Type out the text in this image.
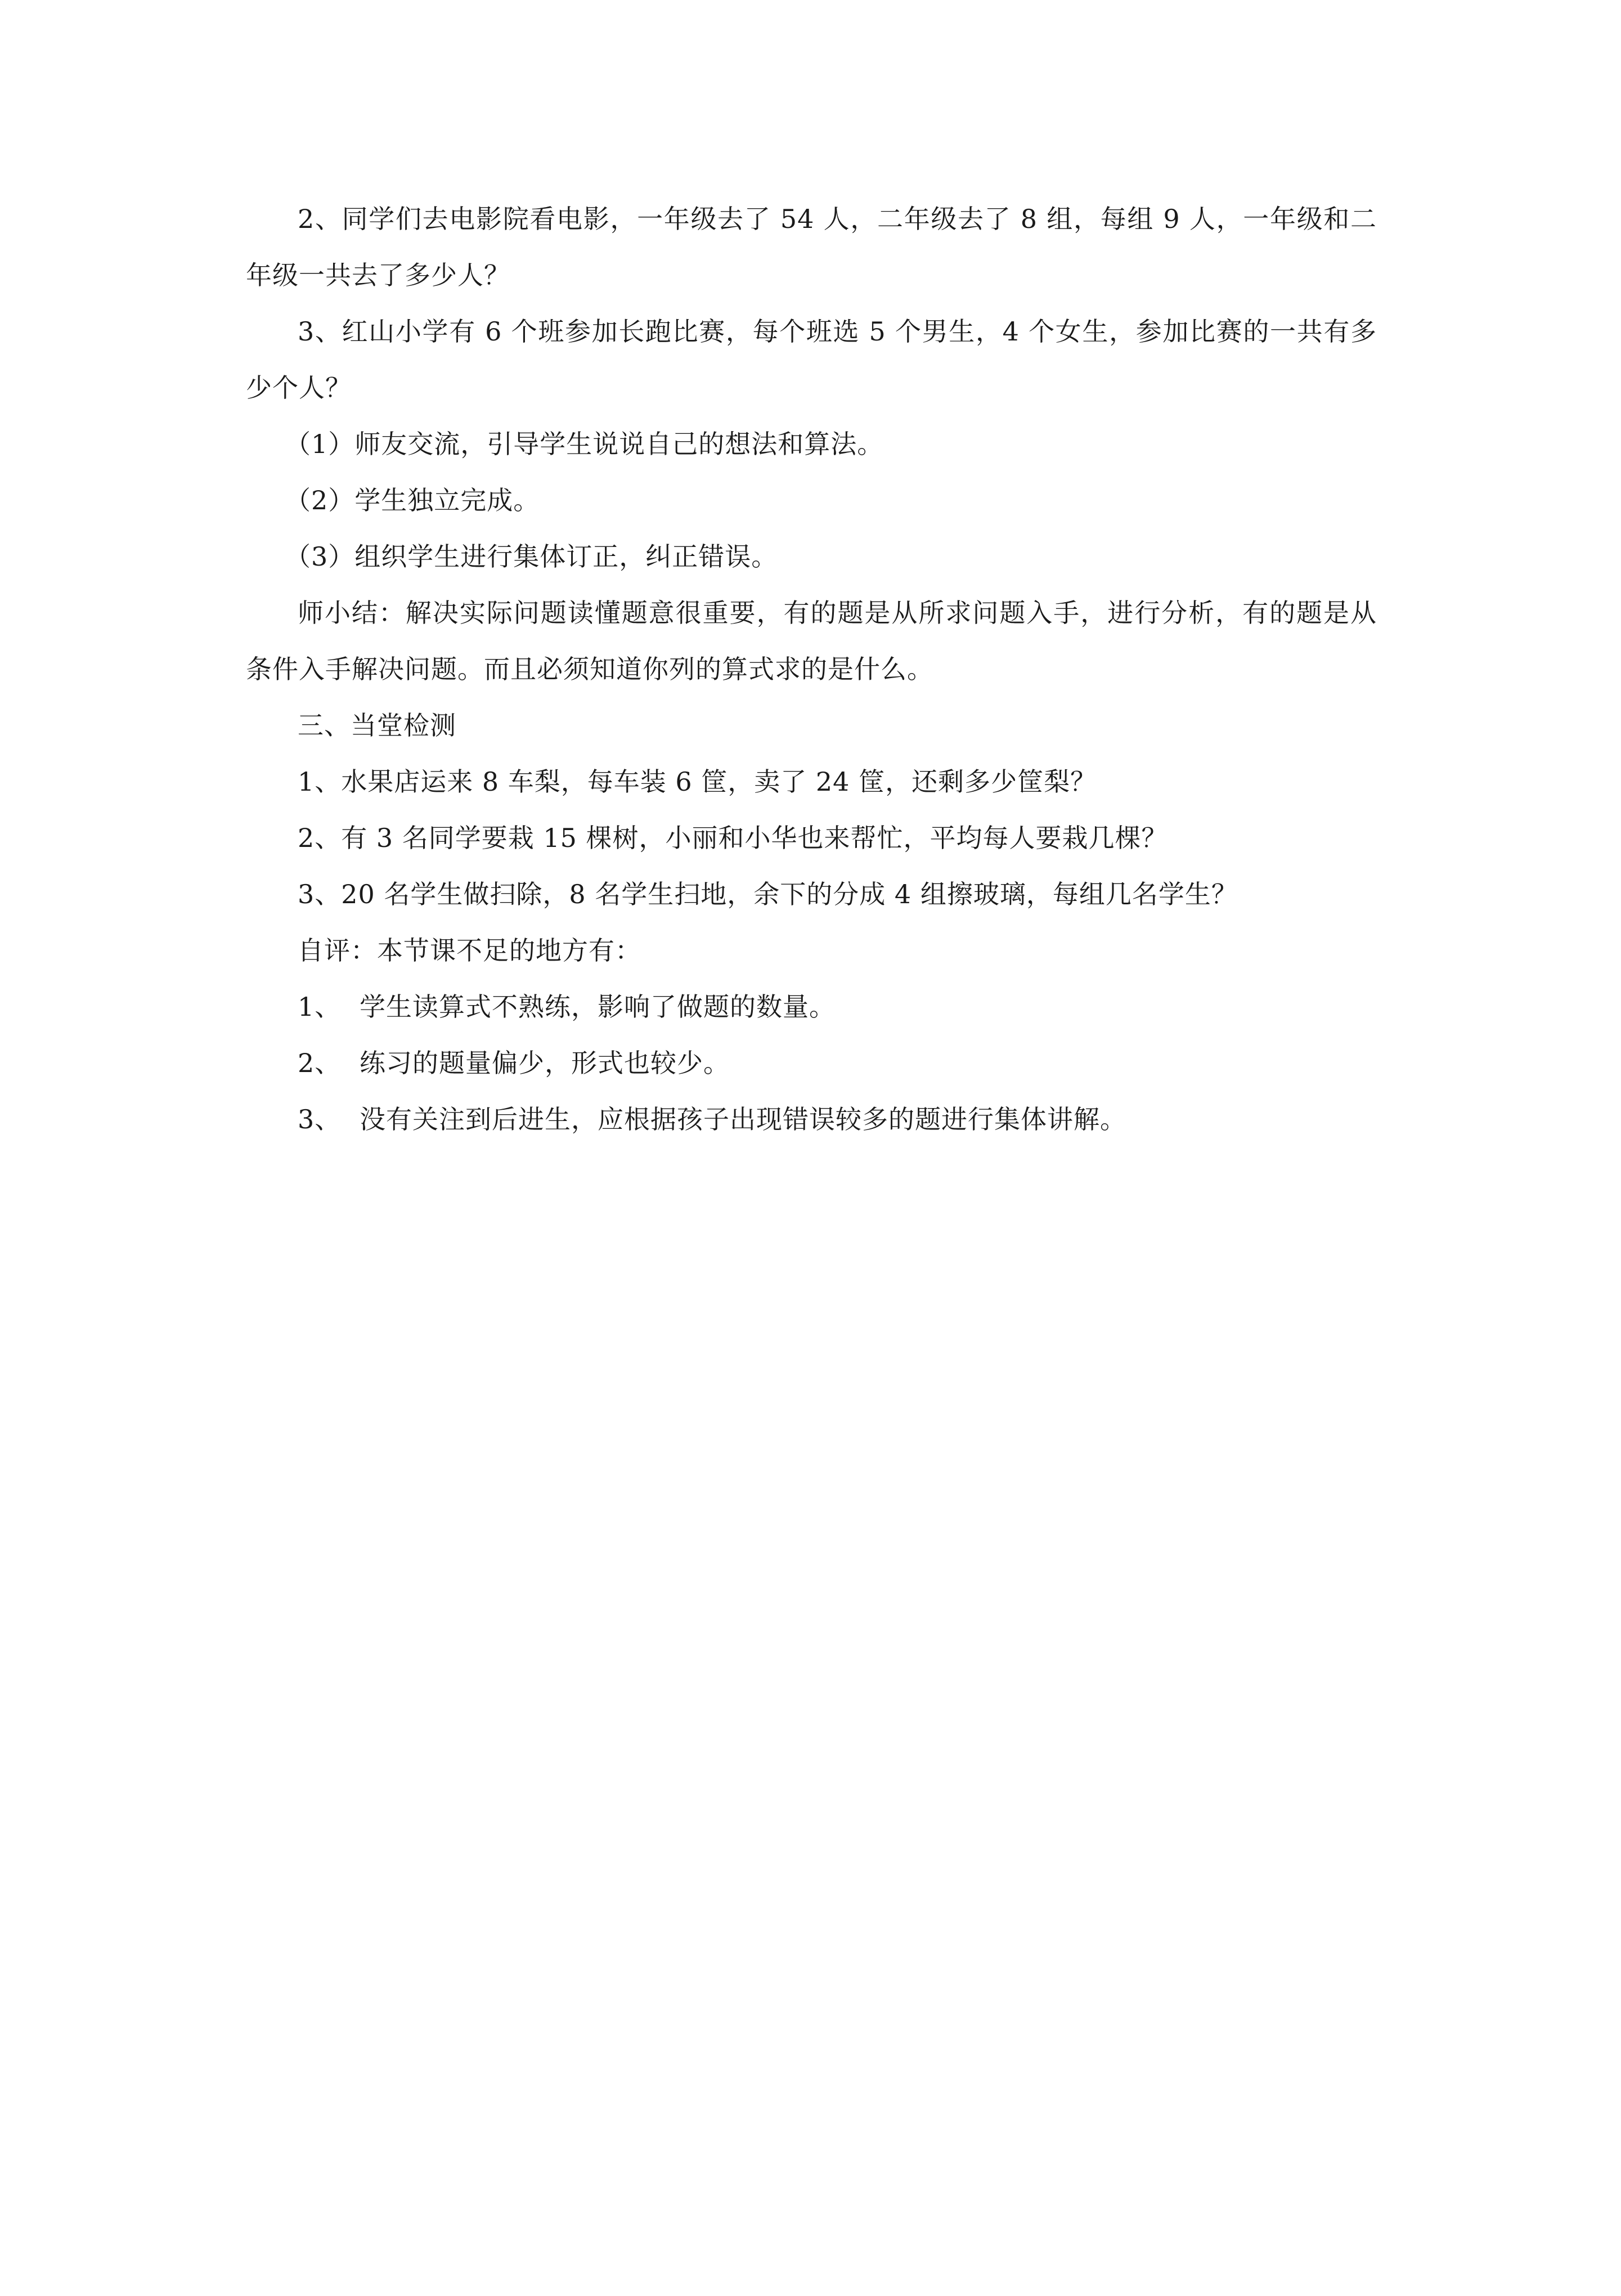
2、同学们去电影院看电影，一年级去了 54 人，二年级去了 8 组，每组 9 人，一年级和二年级一共去了多少人？

3、红山小学有 6 个班参加长跑比赛，每个班选 5 个男生，4 个女生，参加比赛的一共有多少个人？

（1）师友交流，引导学生说说自己的想法和算法。

（2）学生独立完成。

（3）组织学生进行集体订正，纠正错误。

师小结：解决实际问题读懂题意很重要，有的题是从所求问题入手，进行分析，有的题是从条件入手解决问题。而且必须知道你列的算式求的是什么。

三、当堂检测

1、水果店运来 8 车梨，每车装 6 筐，卖了 24 筐，还剩多少筐梨？

2、有 3 名同学要栽 15 棵树，小丽和小华也来帮忙，平均每人要栽几棵？

3、20 名学生做扫除，8 名学生扫地，余下的分成 4 组擦玻璃，每组几名学生？

自评：本节课不足的地方有：

1、 学生读算式不熟练，影响了做题的数量。

2、 练习的题量偏少，形式也较少。

3、 没有关注到后进生，应根据孩子出现错误较多的题进行集体讲解。
